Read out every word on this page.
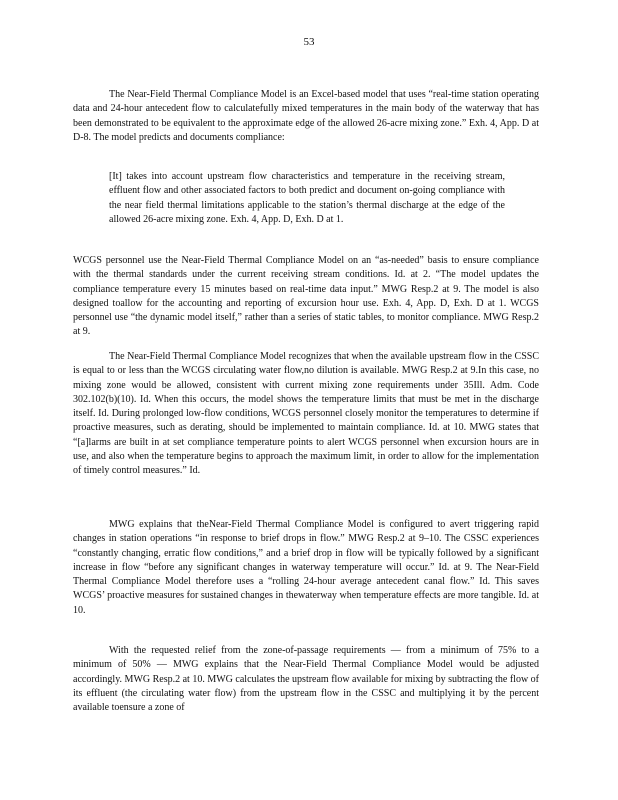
53

The Near-Field Thermal Compliance Model is an Excel-based model that uses “real-time station operating data and 24-hour antecedent flow to calculatefully mixed temperatures in the main body of the waterway that has been demonstrated to be equivalent to the approximate edge of the allowed 26-acre mixing zone.” Exh. 4, App. D at D-8. The model predicts and documents compliance:

[It] takes into account upstream flow characteristics and temperature in the receiving stream, effluent flow and other associated factors to both predict and document on-going compliance with the near field thermal limitations applicable to the station’s thermal discharge at the edge of the allowed 26-acre mixing zone. Exh. 4, App. D, Exh. D at 1.

WCGS personnel use the Near-Field Thermal Compliance Model on an “as-needed” basis to ensure compliance with the thermal standards under the current receiving stream conditions. Id. at 2. “The model updates the compliance temperature every 15 minutes based on real-time data input.” MWG Resp.2 at 9. The model is also designed toallow for the accounting and reporting of excursion hour use. Exh. 4, App. D, Exh. D at 1. WCGS personnel use “the dynamic model itself,” rather than a series of static tables, to monitor compliance. MWG Resp.2 at 9.

The Near-Field Thermal Compliance Model recognizes that when the available upstream flow in the CSSC is equal to or less than the WCGS circulating water flow,no dilution is available. MWG Resp.2 at 9.In this case, no mixing zone would be allowed, consistent with current mixing zone requirements under 35Ill. Adm. Code 302.102(b)(10). Id. When this occurs, the model shows the temperature limits that must be met in the discharge itself. Id. During prolonged low-flow conditions, WCGS personnel closely monitor the temperatures to determine if proactive measures, such as derating, should be implemented to maintain compliance. Id. at 10. MWG states that “[a]larms are built in at set compliance temperature points to alert WCGS personnel when excursion hours are in use, and also when the temperature begins to approach the maximum limit, in order to allow for the implementation of timely control measures.” Id.

MWG explains that theNear-Field Thermal Compliance Model is configured to avert triggering rapid changes in station operations “in response to brief drops in flow.” MWG Resp.2 at 9–10. The CSSC experiences “constantly changing, erratic flow conditions,” and a brief drop in flow will be typically followed by a significant increase in flow “before any significant changes in waterway temperature will occur.” Id. at 9. The Near-Field Thermal Compliance Model therefore uses a “rolling 24-hour average antecedent canal flow.” Id. This saves WCGS’ proactive measures for sustained changes in thewaterway when temperature effects are more tangible. Id. at 10.

With the requested relief from the zone-of-passage requirements — from a minimum of 75% to a minimum of 50% — MWG explains that the Near-Field Thermal Compliance Model would be adjusted accordingly. MWG Resp.2 at 10. MWG calculates the upstream flow available for mixing by subtracting the flow of its effluent (the circulating water flow) from the upstream flow in the CSSC and multiplying it by the percent available toensure a zone of
